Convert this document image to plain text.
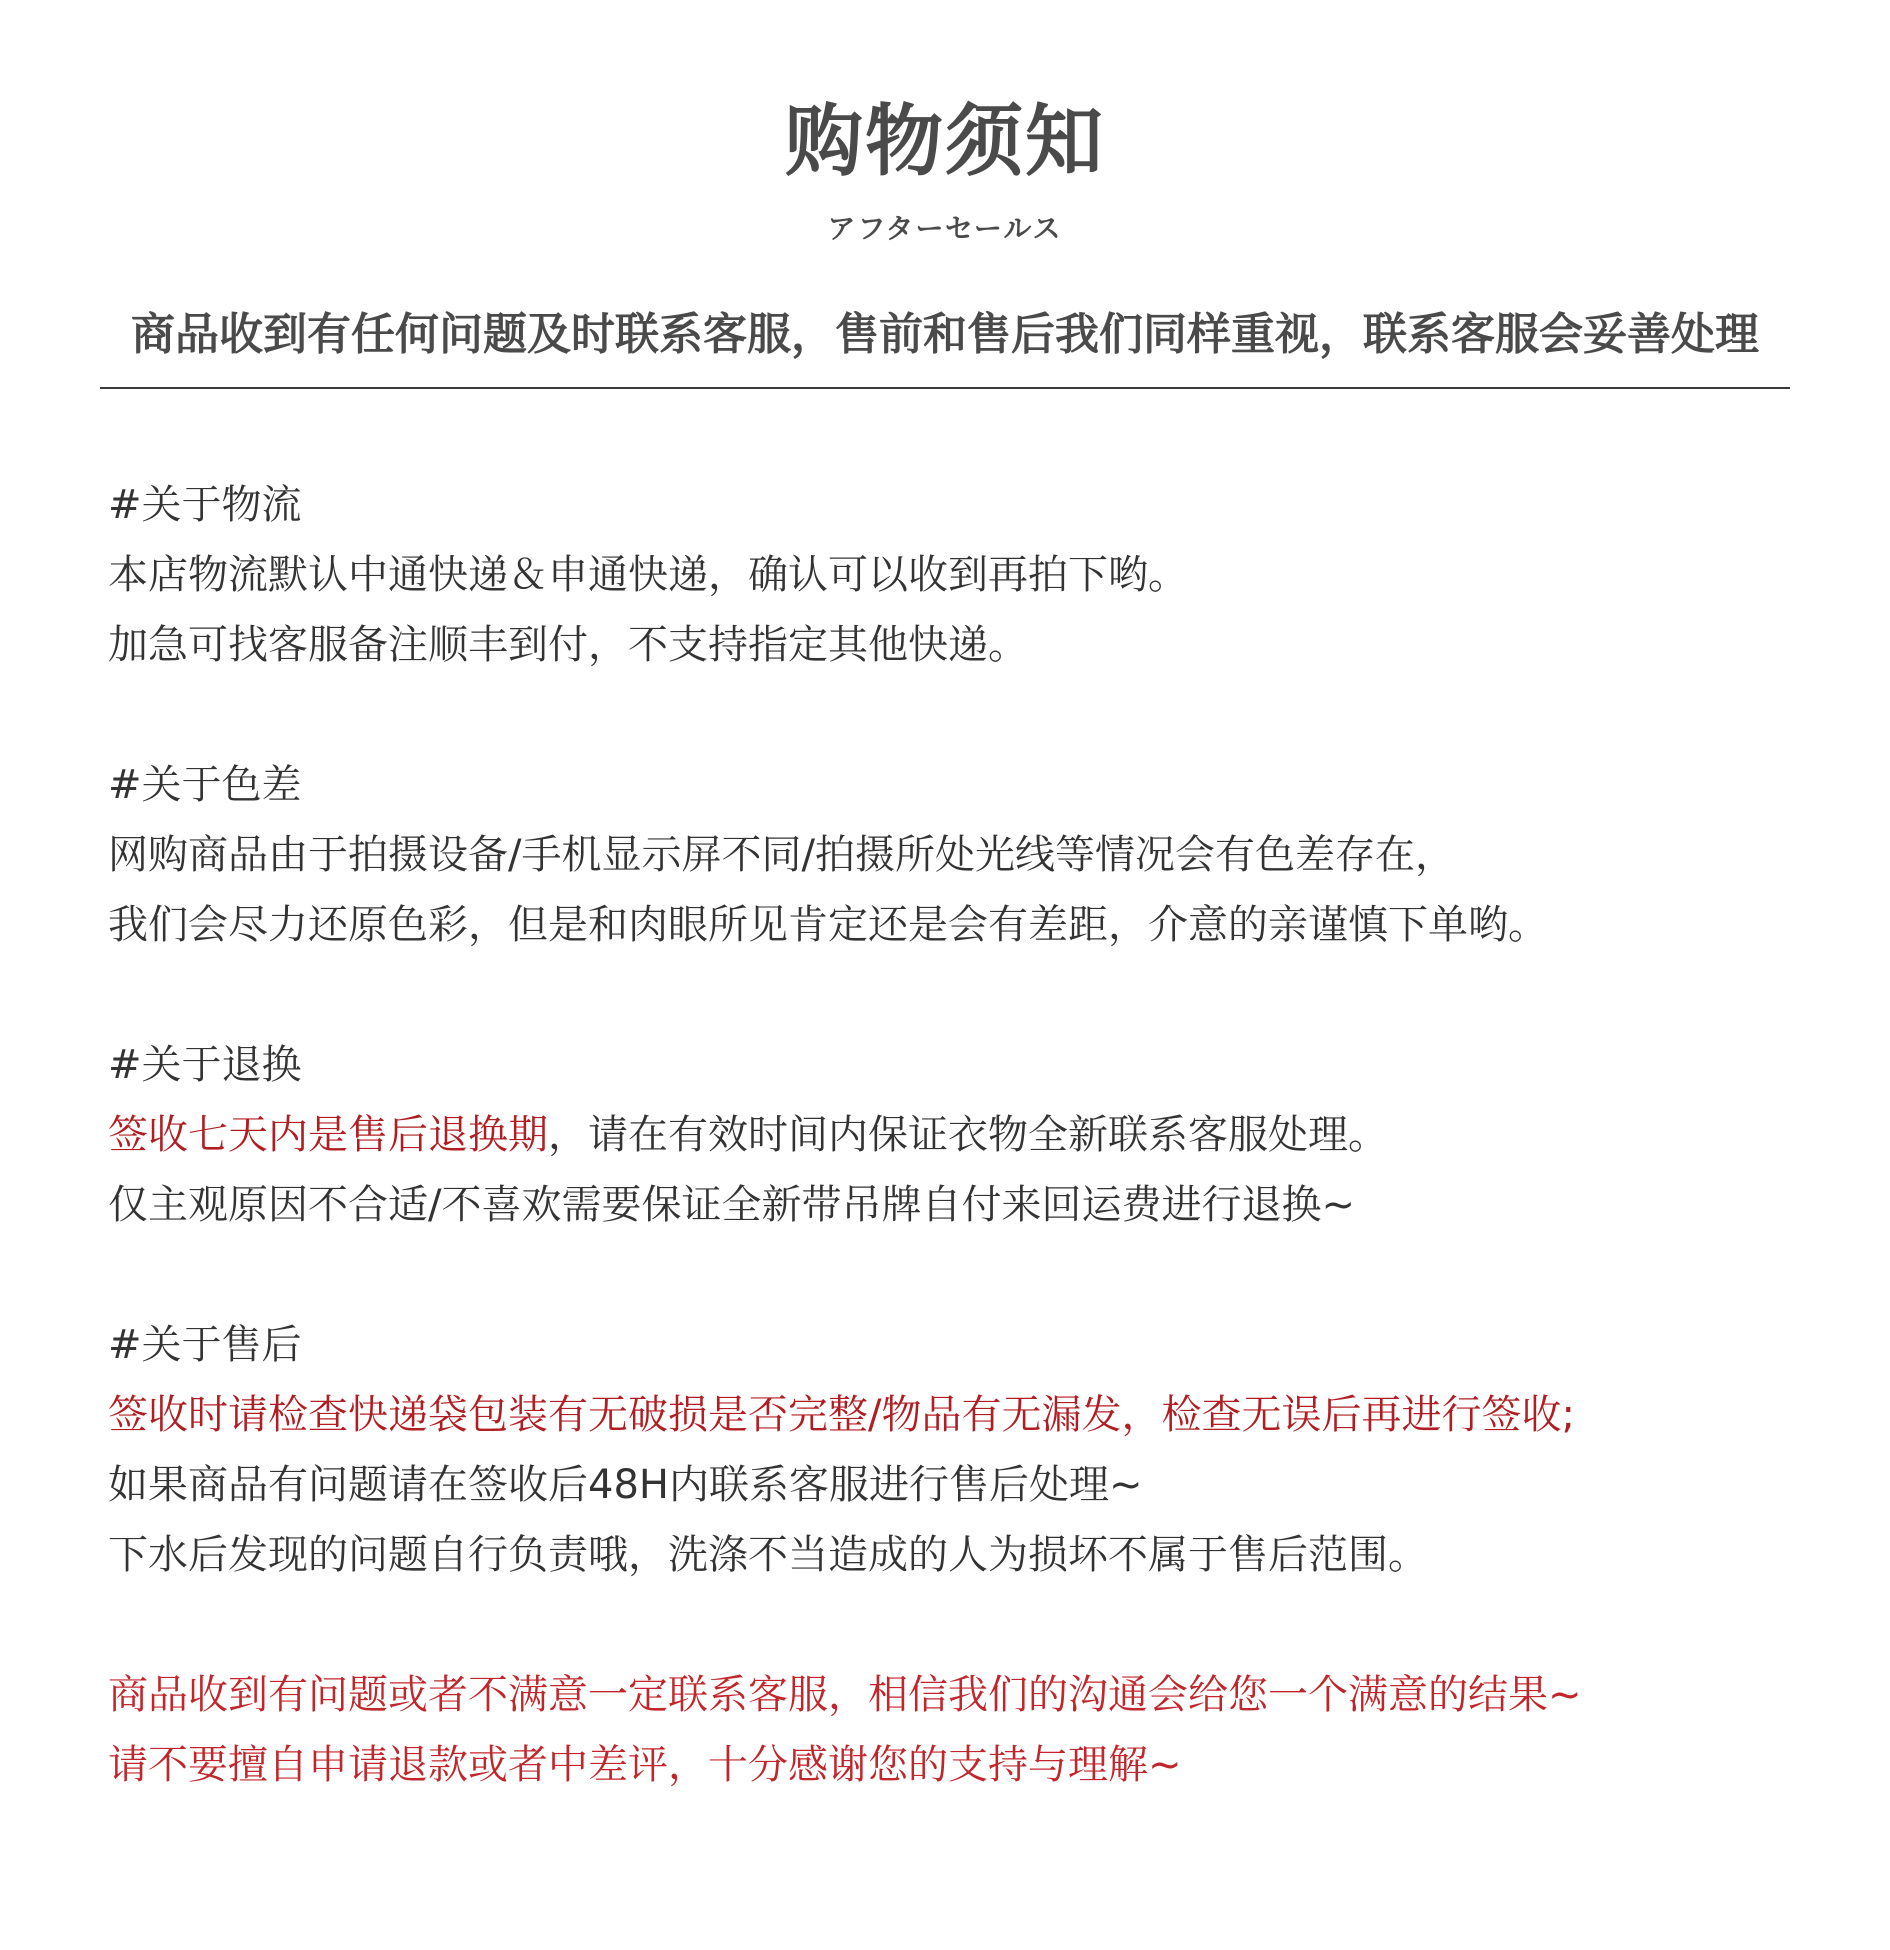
购物须知
アフターセールス
商品收到有任何问题及时联系客服，售前和售后我们同样重视，联系客服会妥善处理
#关于物流
本店物流默认中通快递＆申通快递，确认可以收到再拍下哟。
加急可找客服备注顺丰到付，不支持指定其他快递。
#关于色差
网购商品由于拍摄设备/手机显示屏不同/拍摄所处光线等情况会有色差存在，
我们会尽力还原色彩，但是和肉眼所见肯定还是会有差距，介意的亲谨慎下单哟。
#关于退换
签收七天内是售后退换期，请在有效时间内保证衣物全新联系客服处理。
仅主观原因不合适/不喜欢需要保证全新带吊牌自付来回运费进行退换~
#关于售后
签收时请检查快递袋包装有无破损是否完整/物品有无漏发，检查无误后再进行签收;
如果商品有问题请在签收后48H内联系客服进行售后处理~
下水后发现的问题自行负责哦，洗涤不当造成的人为损坏不属于售后范围。
商品收到有问题或者不满意一定联系客服，相信我们的沟通会给您一个满意的结果~
请不要擅自申请退款或者中差评，十分感谢您的支持与理解~
